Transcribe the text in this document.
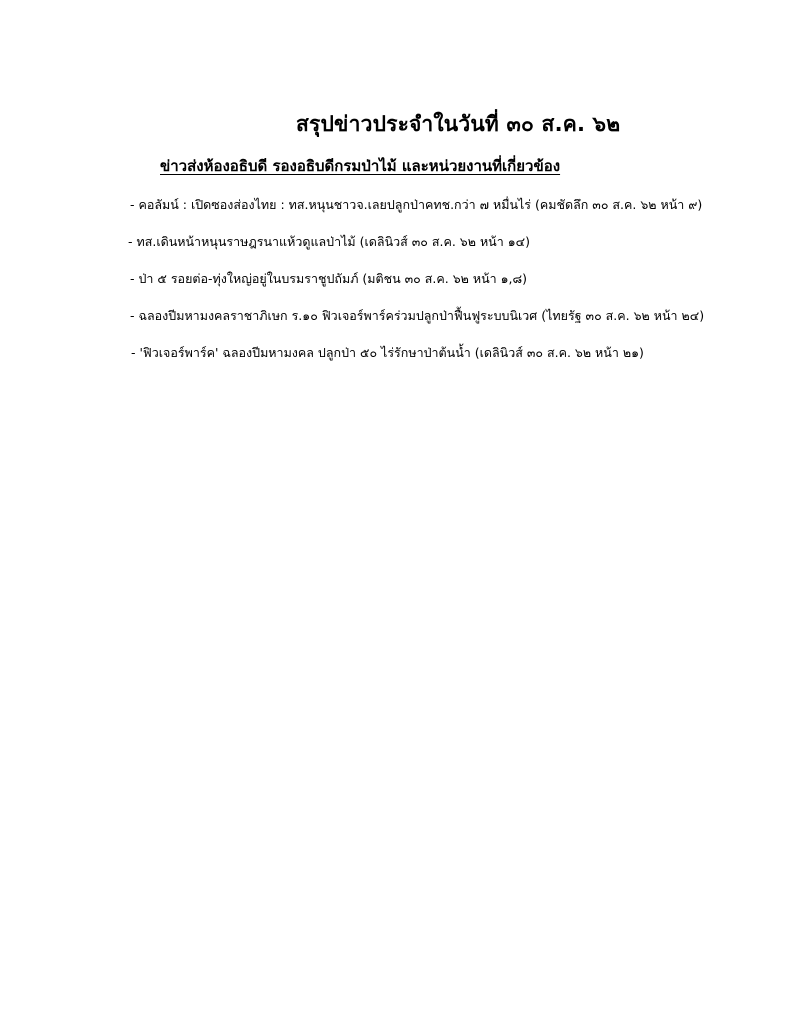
สรุปข่าวประจำในวันที่ ๓๐ ส.ค. ๖๒
ข่าวส่งห้องอธิบดี รองอธิบดีกรมป่าไม้ และหน่วยงานที่เกี่ยวข้อง
- คอลัมน์ : เปิดซองส่องไทย : ทส.หนุนชาวจ.เลยปลูกป่าคทช.กว่า ๗ หมื่นไร่ (คมชัดลึก ๓๐ ส.ค. ๖๒ หน้า ๙)
- ทส.เดินหน้าหนุนราษฎรนาแห้วดูแลป่าไม้ (เดลินิวส์ ๓๐ ส.ค. ๖๒ หน้า ๑๔)
- ป่า ๕ รอยต่อ-ทุ่งใหญ่อยู่ในบรมราชูปถัมภ์ (มติชน ๓๐ ส.ค. ๖๒ หน้า ๑,๘)
- ฉลองปีมหามงคลราชาภิเษก ร.๑๐ ฟิวเจอร์พาร์คร่วมปลูกป่าฟื้นฟูระบบนิเวศ (ไทยรัฐ ๓๐ ส.ค. ๖๒ หน้า ๒๔)
- 'ฟิวเจอร์พาร์ค' ฉลองปีมหามงคล ปลูกป่า ๕๐ ไร่รักษาป่าต้นน้ำ (เดลินิวส์ ๓๐ ส.ค. ๖๒ หน้า ๒๑)
